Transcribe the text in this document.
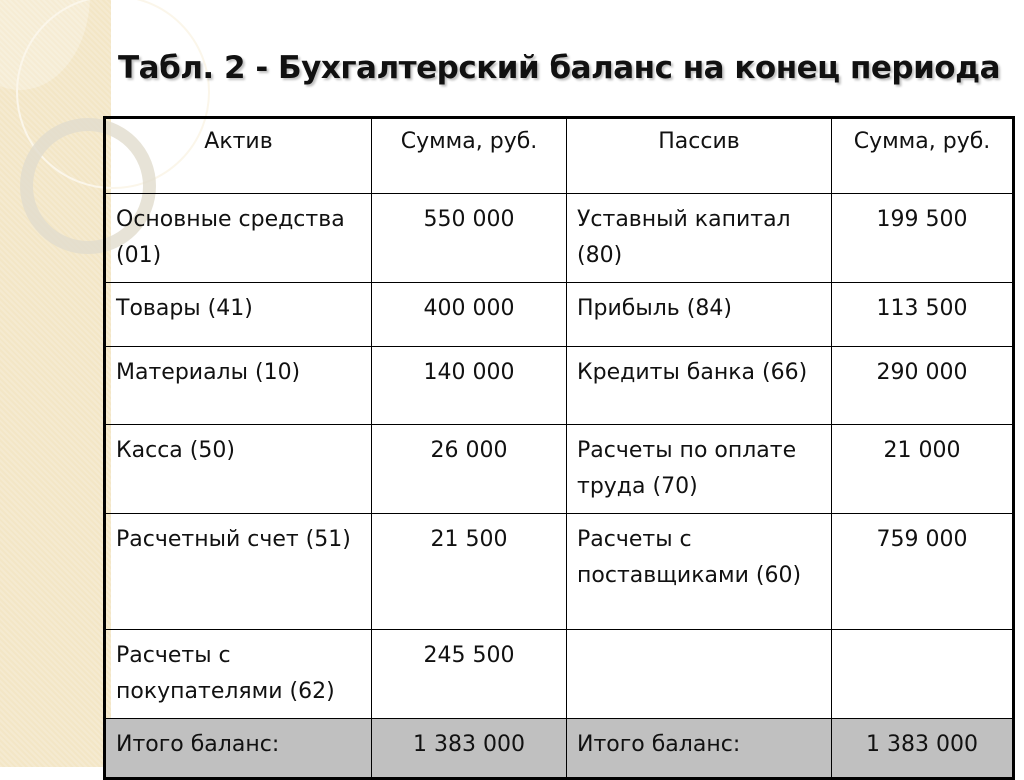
Табл. 2 - Бухгалтерский баланс на конец периода
Актив	Сумма, руб.	Пассив	Сумма, руб.
Основные средства (01)	550 000	Уставный капитал (80)	199 500
Товары (41)	400 000	Прибыль (84)	113 500
Материалы (10)	140 000	Кредиты банка (66)	290 000
Касса (50)	26 000	Расчеты по оплате труда (70)	21 000
Расчетный счет (51)	21 500	Расчеты с поставщиками (60)	759 000
Расчеты с покупателями (62)	245 500		
Итого баланс:	1 383 000	Итого баланс:	1 383 000
